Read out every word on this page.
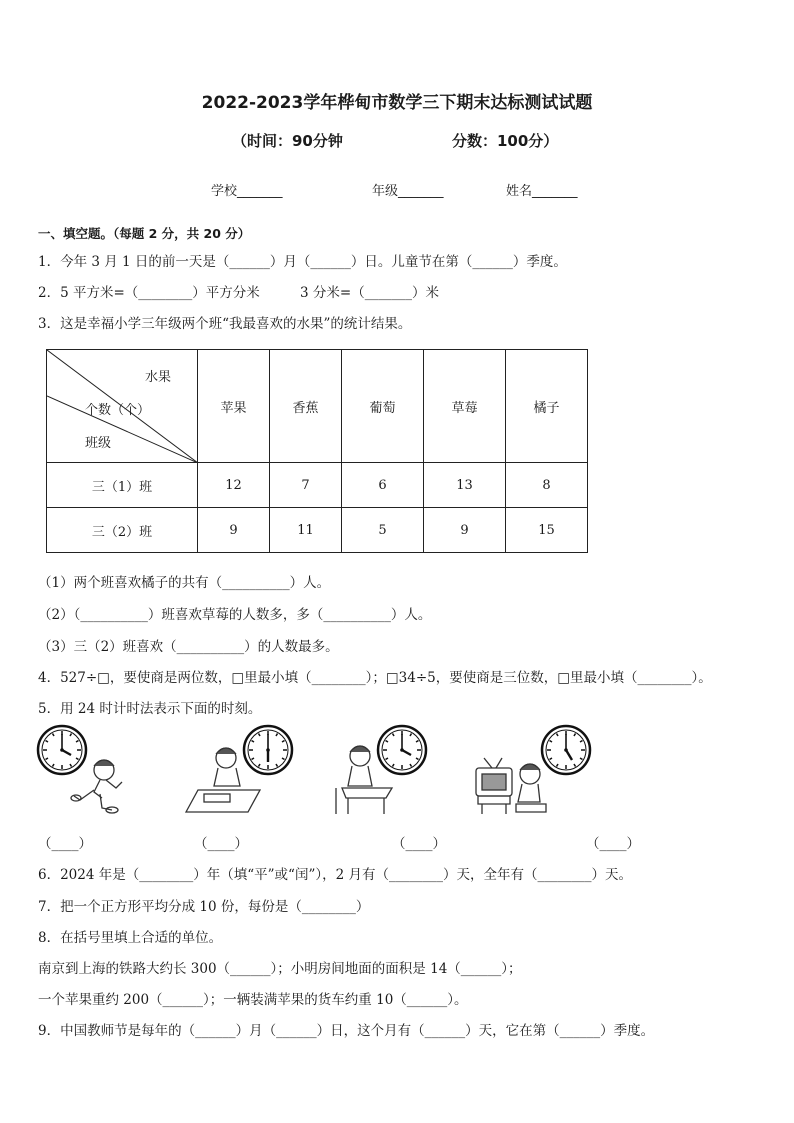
2022-2023学年桦甸市数学三下期末达标测试试题
（时间：90分钟	分数：100分）
学校_______	年级_______	姓名_______
一、填空题。（每题 2 分，共 20 分）
1．今年 3 月 1 日的前一天是（______）月（______）日。儿童节在第（______）季度。
2．5 平方米=（________）平方分米	3 分米=（_______）米
3．这是幸福小学三年级两个班“我最喜欢的水果”的统计结果。
水果
个数（个）
班级	苹果	香蕉	葡萄	草莓	橘子
三（1）班	12	7	6	13	8
三（2）班	9	11	5	9	15
（1）两个班喜欢橘子的共有（__________）人。
（2）（__________）班喜欢草莓的人数多，多（__________）人。
（3）三（2）班喜欢（__________）的人数最多。
4．527÷□，要使商是两位数，□里最小填（________）；□34÷5，要使商是三位数，□里最小填（________）。
5．用 24 时计时法表示下面的时刻。
（____）	（____）	（____）	（____）
6．2024 年是（________）年（填“平”或“闰”），2 月有（________）天，全年有（________）天。
7．把一个正方形平均分成 10 份，每份是（________）
8．在括号里填上合适的单位。
南京到上海的铁路大约长 300（______）；小明房间地面的面积是 14（______）；
一个苹果重约 200（______）；一辆装满苹果的货车约重 10（______）。
9．中国教师节是每年的（______）月（______）日，这个月有（______）天，它在第（______）季度。
